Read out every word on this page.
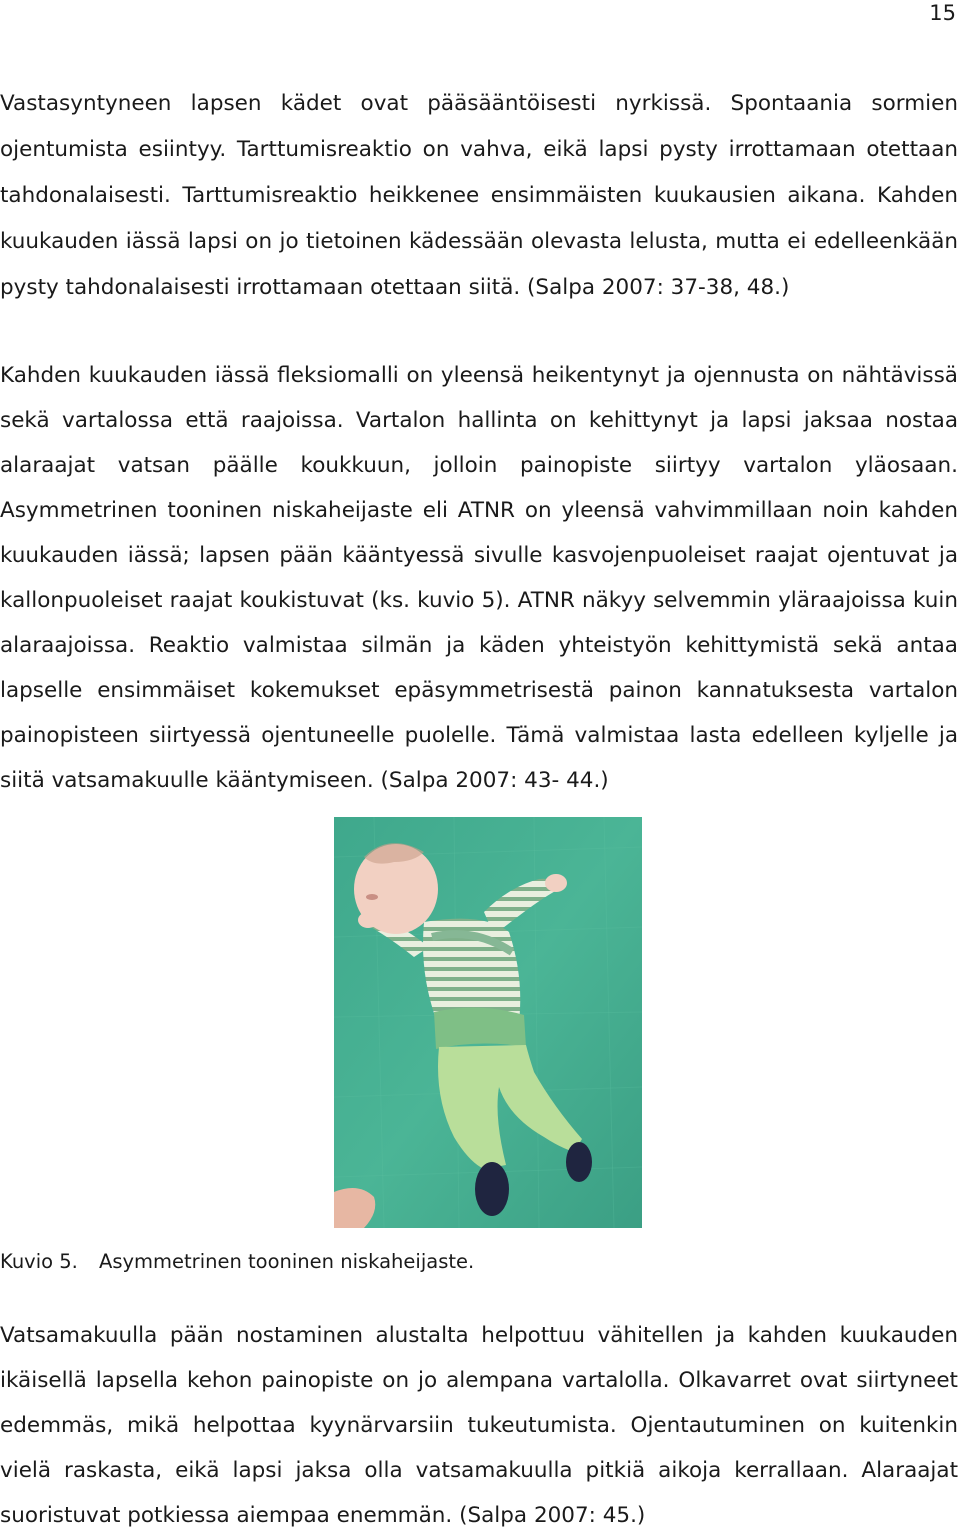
15

Vastasyntyneen lapsen kädet ovat pääsääntöisesti nyrkissä. Spontaania sormien ojentumista esiintyy. Tarttumisreaktio on vahva, eikä lapsi pysty irrottamaan otettaan tahdonalaisesti. Tarttumisreaktio heikkenee ensimmäisten kuukausien aikana. Kahden kuukauden iässä lapsi on jo tietoinen kädessään olevasta lelusta, mutta ei edelleenkään pysty tahdonalaisesti irrottamaan otettaan siitä. (Salpa 2007: 37-38, 48.)

Kahden kuukauden iässä fleksiomalli on yleensä heikentynyt ja ojennusta on nähtävissä sekä vartalossa että raajoissa. Vartalon hallinta on kehittynyt ja lapsi jaksaa nostaa alaraajat vatsan päälle koukkuun, jolloin painopiste siirtyy vartalon yläosaan. Asymmetrinen tooninen niskaheijaste eli ATNR on yleensä vahvimmillaan noin kahden kuukauden iässä; lapsen pään kääntyessä sivulle kasvojenpuoleiset raajat ojentuvat ja kallonpuoleiset raajat koukistuvat (ks. kuvio 5). ATNR näkyy selvemmin yläraajoissa kuin alaraajoissa. Reaktio valmistaa silmän ja käden yhteistyön kehittymistä sekä antaa lapselle ensimmäiset kokemukset epäsymmetrisestä painon kannatuksesta vartalon painopisteen siirtyessä ojentuneelle puolelle. Tämä valmistaa lasta edelleen kyljelle ja siitä vatsamakuulle kääntymiseen. (Salpa 2007: 43- 44.)

Kuvio 5. Asymmetrinen tooninen niskaheijaste.

Vatsamakuulla pään nostaminen alustalta helpottuu vähitellen ja kahden kuukauden ikäisellä lapsella kehon painopiste on jo alempana vartalolla. Olkavarret ovat siirtyneet edemmäs, mikä helpottaa kyynärvarsiin tukeutumista. Ojentautuminen on kuitenkin vielä raskasta, eikä lapsi jaksa olla vatsamakuulla pitkiä aikoja kerrallaan. Alaraajat suoristuvat potkiessa aiempaa enemmän. (Salpa 2007: 45.)
